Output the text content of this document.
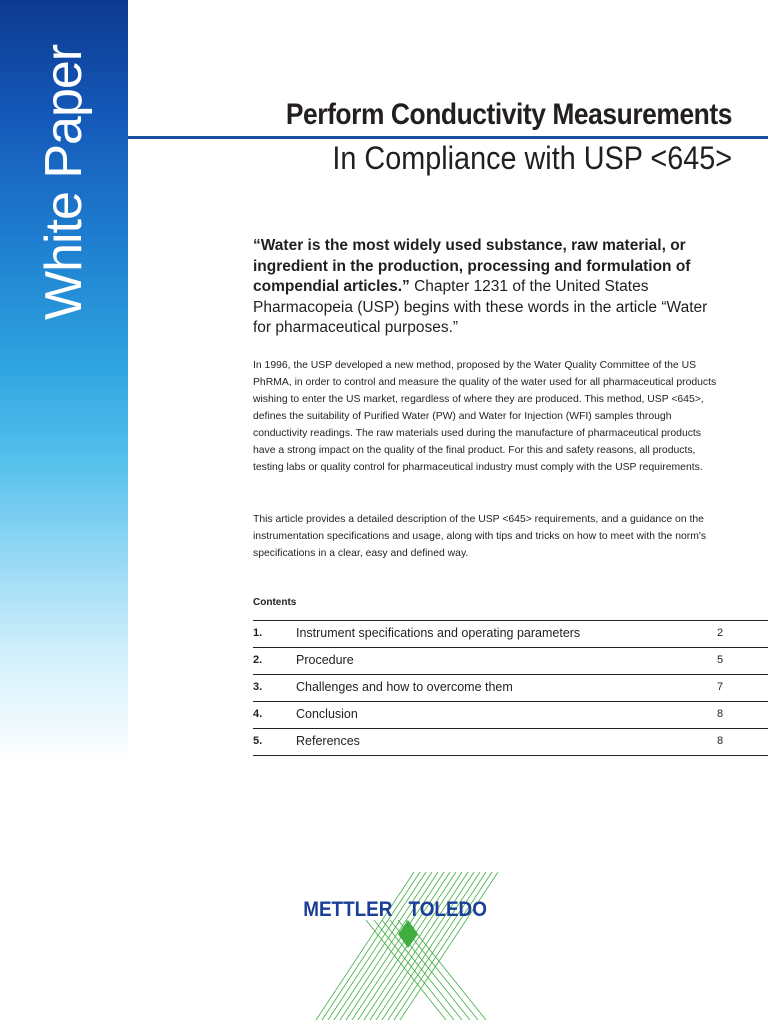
White Paper	Perform Conductivity Measurements
In Compliance with USP <645>
“Water is the most widely used substance, raw material, or ingredient in the production, processing and formulation of compendial articles.” Chapter 1231 of the United States Pharmacopeia (USP) begins with these words in the article “Water for pharmaceutical purposes.”
In 1996, the USP developed a new method, proposed by the Water Quality Committee of the US PhRMA, in order to control and measure the quality of the water used for all pharmaceutical products wishing to enter the US market, regardless of where they are produced. This method, USP <645>, defines the suitability of Purified Water (PW) and Water for Injection (WFI) samples through conductivity readings. The raw materials used during the manufacture of pharmaceutical products have a strong impact on the quality of the final product. For this and safety reasons, all products, testing labs or quality control for pharmaceutical industry must comply with the USP requirements.
This article provides a detailed description of the USP <645> requirements, and a guidance on the instrumentation specifications and usage, along with tips and tricks on how to meet with the norm's specifications in a clear, easy and defined way.
Contents
1.	Instrument specifications and operating parameters	2
2.	Procedure	5
3.	Challenges and how to overcome them	7
4.	Conclusion	8
5.	References	8
METTLER TOLEDO
